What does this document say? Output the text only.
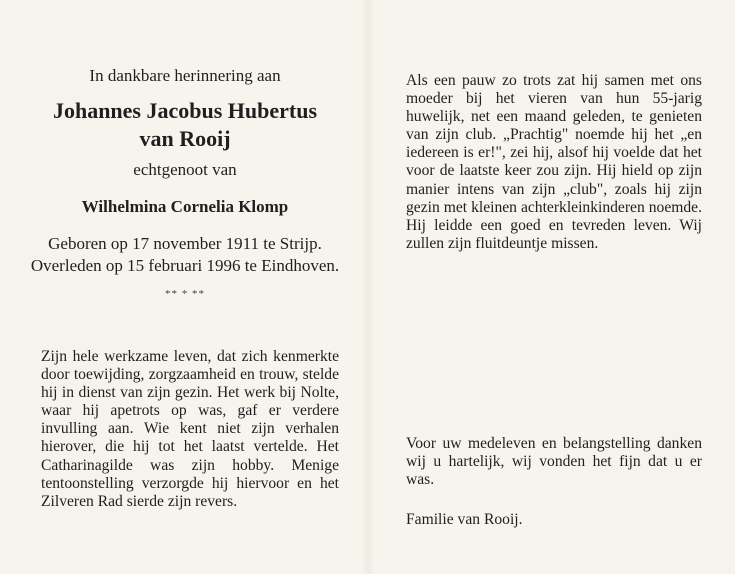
In dankbare herinnering aan
Johannes Jacobus Hubertus
van Rooij
echtgenoot van
Wilhelmina Cornelia Klomp
Geboren op 17 november 1911 te Strijp.
Overleden op 15 februari 1996 te Eindhoven.
** * **
Zijn hele werkzame leven, dat zich kenmerkte door toewijding, zorgzaamheid en trouw, stelde hij in dienst van zijn gezin. Het werk bij Nolte, waar hij apetrots op was, gaf er verdere invulling aan. Wie kent niet zijn verhalen hierover, die hij tot het laatst vertelde. Het Catharinagilde was zijn hobby. Menige tentoonstelling verzorgde hij hiervoor en het Zilveren Rad sierde zijn revers.
Als een pauw zo trots zat hij samen met ons moeder bij het vieren van hun 55-jarig huwelijk, net een maand geleden, te genieten van zijn club. „Prachtig" noemde hij het „en iedereen is er!", zei hij, alsof hij voelde dat het voor de laatste keer zou zijn. Hij hield op zijn manier intens van zijn „club", zoals hij zijn gezin met kleinen achterkleinkinderen noemde. Hij leidde een goed en tevreden leven. Wij zullen zijn fluitdeuntje missen.
Voor uw medeleven en belangstelling danken wij u hartelijk, wij vonden het fijn dat u er was.
Familie van Rooij.
